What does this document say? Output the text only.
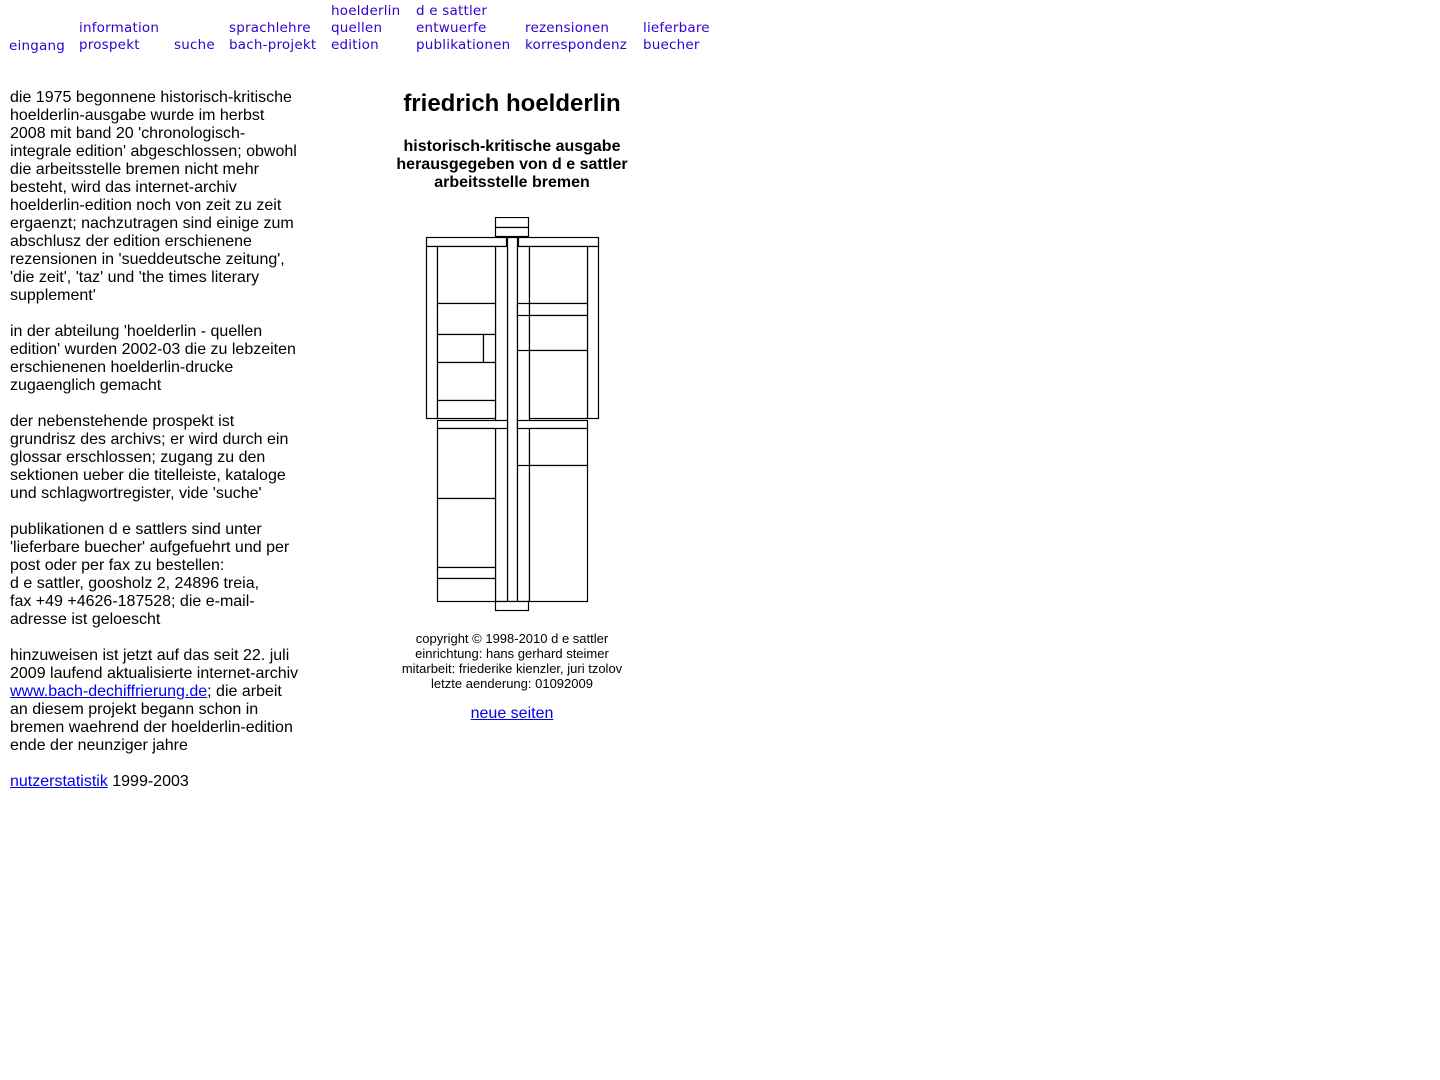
eingang
information
prospekt	suche
sprachlehre
bach-projekt
hoelderlin
quellen
edition
d e sattler
entwuerfe
publikationen
rezensionen
korrespondenz
lieferbare
buecher

die 1975 begonnene historisch-kritische hoelderlin-ausgabe wurde im herbst 2008 mit band 20 'chronologisch-integrale edition' abgeschlossen; obwohl die arbeitsstelle bremen nicht mehr besteht, wird das internet-archiv hoelderlin-edition noch von zeit zu zeit ergaenzt; nachzutragen sind einige zum abschlusz der edition erschienene rezensionen in 'sueddeutsche zeitung', 'die zeit', 'taz' und 'the times literary supplement'

in der abteilung 'hoelderlin - quellen edition' wurden 2002-03 die zu lebzeiten erschienenen hoelderlin-drucke zugaenglich gemacht

der nebenstehende prospekt ist grundrisz des archivs; er wird durch ein glossar erschlossen; zugang zu den sektionen ueber die titelleiste, kataloge und schlagwortregister, vide 'suche'

publikationen d e sattlers sind unter 'lieferbare buecher' aufgefuehrt und per post oder per fax zu bestellen:
d e sattler, goosholz 2, 24896 treia,
fax +49 +4626-187528; die e-mail-adresse ist geloescht

hinzuweisen ist jetzt auf das seit 22. juli 2009 laufend aktualisierte internet-archiv www.bach-dechiffrierung.de; die arbeit an diesem projekt begann schon in bremen waehrend der hoelderlin-edition ende der neunziger jahre

nutzerstatistik 1999-2003

friedrich hoelderlin
historisch-kritische ausgabe
herausgegeben von d e sattler
arbeitsstelle bremen
copyright © 1998-2010 d e sattler
einrichtung: hans gerhard steimer
mitarbeit: friederike kienzler, juri tzolov
letzte aenderung: 01092009
neue seiten
